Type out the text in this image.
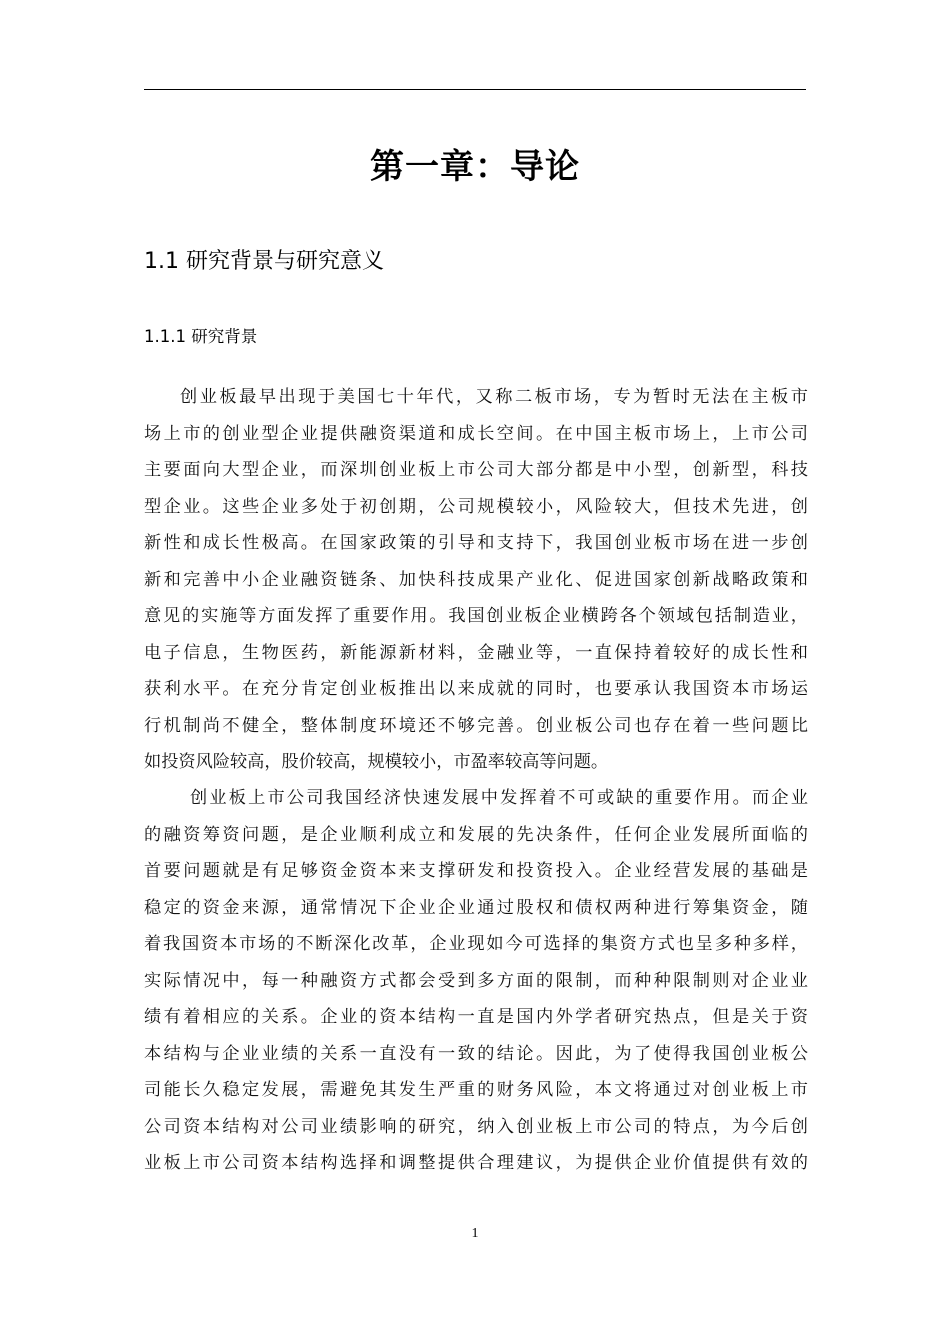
第一章：导论
1.1 研究背景与研究意义
1.1.1 研究背景
创业板最早出现于美国七十年代，又称二板市场，专为暂时无法在主板市
场上市的创业型企业提供融资渠道和成长空间。在中国主板市场上，上市公司
主要面向大型企业，而深圳创业板上市公司大部分都是中小型，创新型，科技
型企业。这些企业多处于初创期，公司规模较小，风险较大，但技术先进，创
新性和成长性极高。在国家政策的引导和支持下，我国创业板市场在进一步创
新和完善中小企业融资链条、加快科技成果产业化、促进国家创新战略政策和
意见的实施等方面发挥了重要作用。我国创业板企业横跨各个领域包括制造业，
电子信息，生物医药，新能源新材料，金融业等，一直保持着较好的成长性和
获利水平。在充分肯定创业板推出以来成就的同时，也要承认我国资本市场运
行机制尚不健全，整体制度环境还不够完善。创业板公司也存在着一些问题比
如投资风险较高，股价较高，规模较小，市盈率较高等问题。
创业板上市公司我国经济快速发展中发挥着不可或缺的重要作用。而企业
的融资筹资问题，是企业顺利成立和发展的先决条件，任何企业发展所面临的
首要问题就是有足够资金资本来支撑研发和投资投入。企业经营发展的基础是
稳定的资金来源，通常情况下企业企业通过股权和债权两种进行筹集资金，随
着我国资本市场的不断深化改革，企业现如今可选择的集资方式也呈多种多样，
实际情况中，每一种融资方式都会受到多方面的限制，而种种限制则对企业业
绩有着相应的关系。企业的资本结构一直是国内外学者研究热点，但是关于资
本结构与企业业绩的关系一直没有一致的结论。因此，为了使得我国创业板公
司能长久稳定发展，需避免其发生严重的财务风险，本文将通过对创业板上市
公司资本结构对公司业绩影响的研究，纳入创业板上市公司的特点，为今后创
业板上市公司资本结构选择和调整提供合理建议，为提供企业价值提供有效的
1
